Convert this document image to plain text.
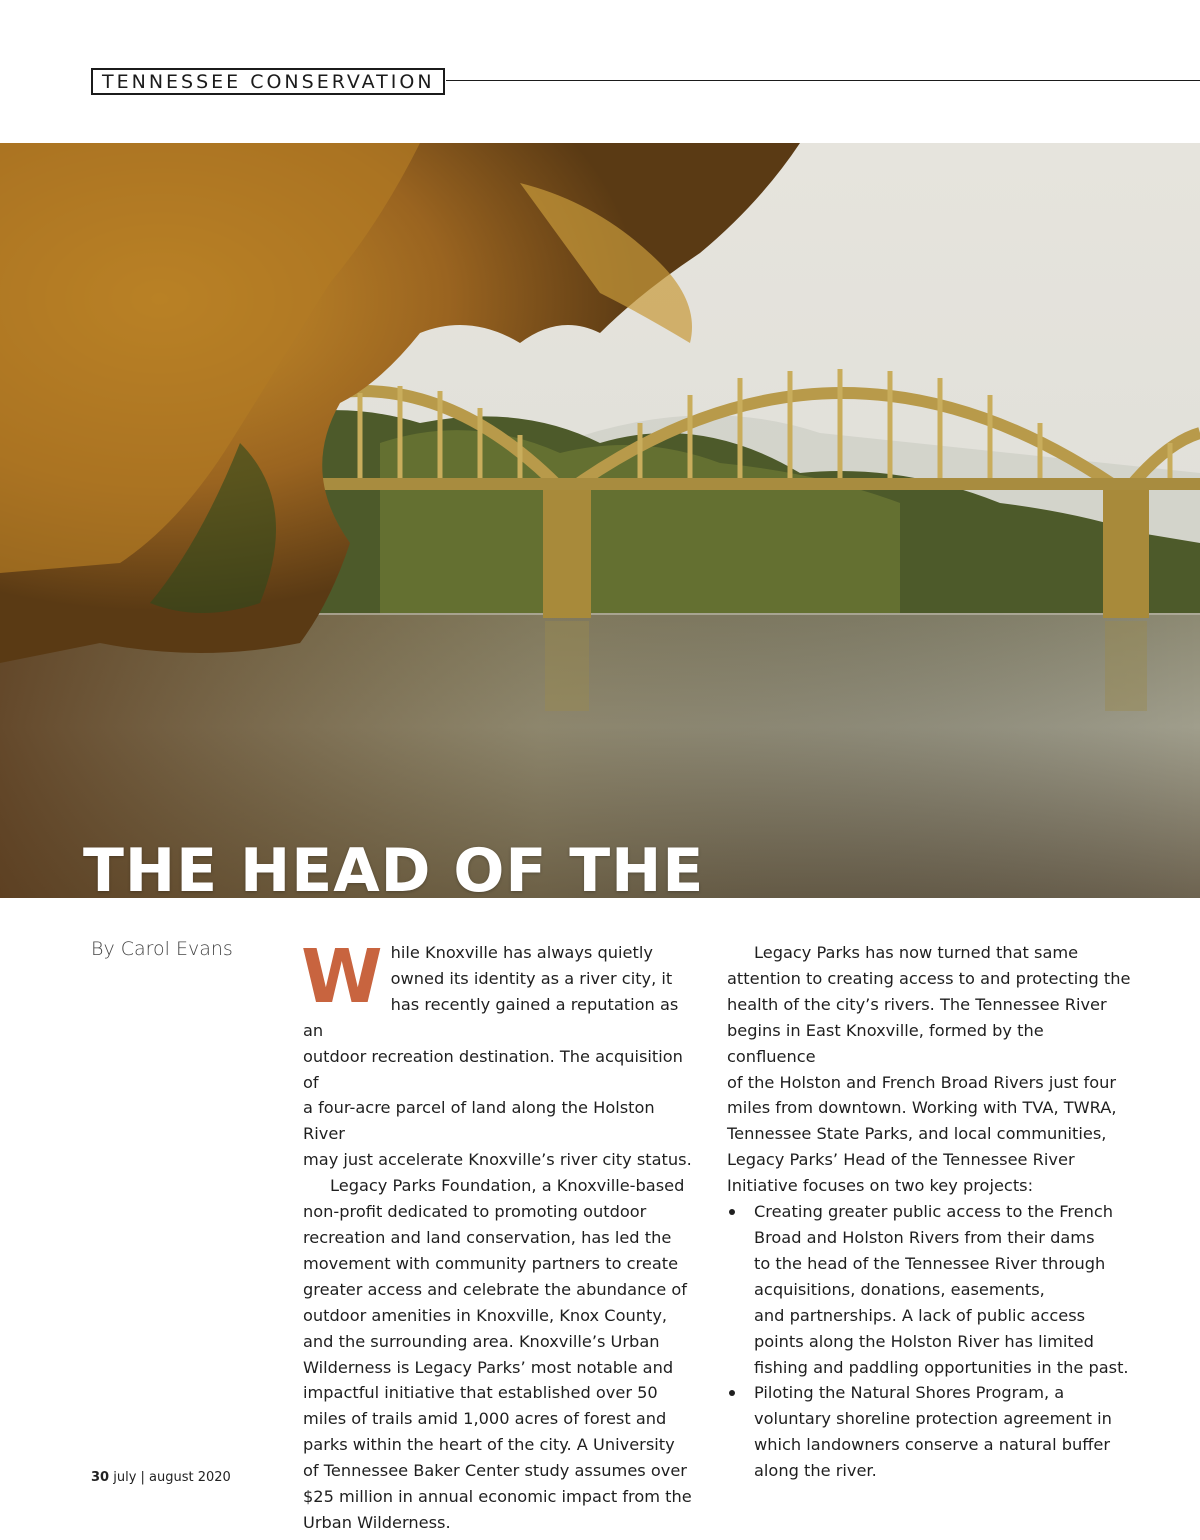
TENNESSEE CONSERVATION
THE HEAD OF THE
By Carol Evans W hile Knoxville has always quietly
owned its identity as a river city, it
has recently gained a reputation as an
outdoor recreation destination. The acquisition of
a four-acre parcel of land along the Holston River
may just accelerate Knoxville’s river city status.

Legacy Parks Foundation, a Knoxville-based
non-profit dedicated to promoting outdoor
recreation and land conservation, has led the
movement with community partners to create
greater access and celebrate the abundance of
outdoor amenities in Knoxville, Knox County,
and the surrounding area. Knoxville’s Urban
Wilderness is Legacy Parks’ most notable and
impactful initiative that established over 50
miles of trails amid 1,000 acres of forest and
parks within the heart of the city. A University
of Tennessee Baker Center study assumes over
$25 million in annual economic impact from the
Urban Wilderness.

Legacy Parks has now turned that same
attention to creating access to and protecting the
health of the city’s rivers. The Tennessee River
begins in East Knoxville, formed by the confluence
of the Holston and French Broad Rivers just four
miles from downtown. Working with TVA, TWRA,
Tennessee State Parks, and local communities,
Legacy Parks’ Head of the Tennessee River
Initiative focuses on two key projects:

Creating greater public access to the French
Broad and Holston Rivers from their dams
to the head of the Tennessee River through
acquisitions, donations, easements,
and partnerships. A lack of public access
points along the Holston River has limited
fishing and paddling opportunities in the past.
Piloting the Natural Shores Program, a
voluntary shoreline protection agreement in
which landowners conserve a natural buffer
along the river.
30 july | august 2020
